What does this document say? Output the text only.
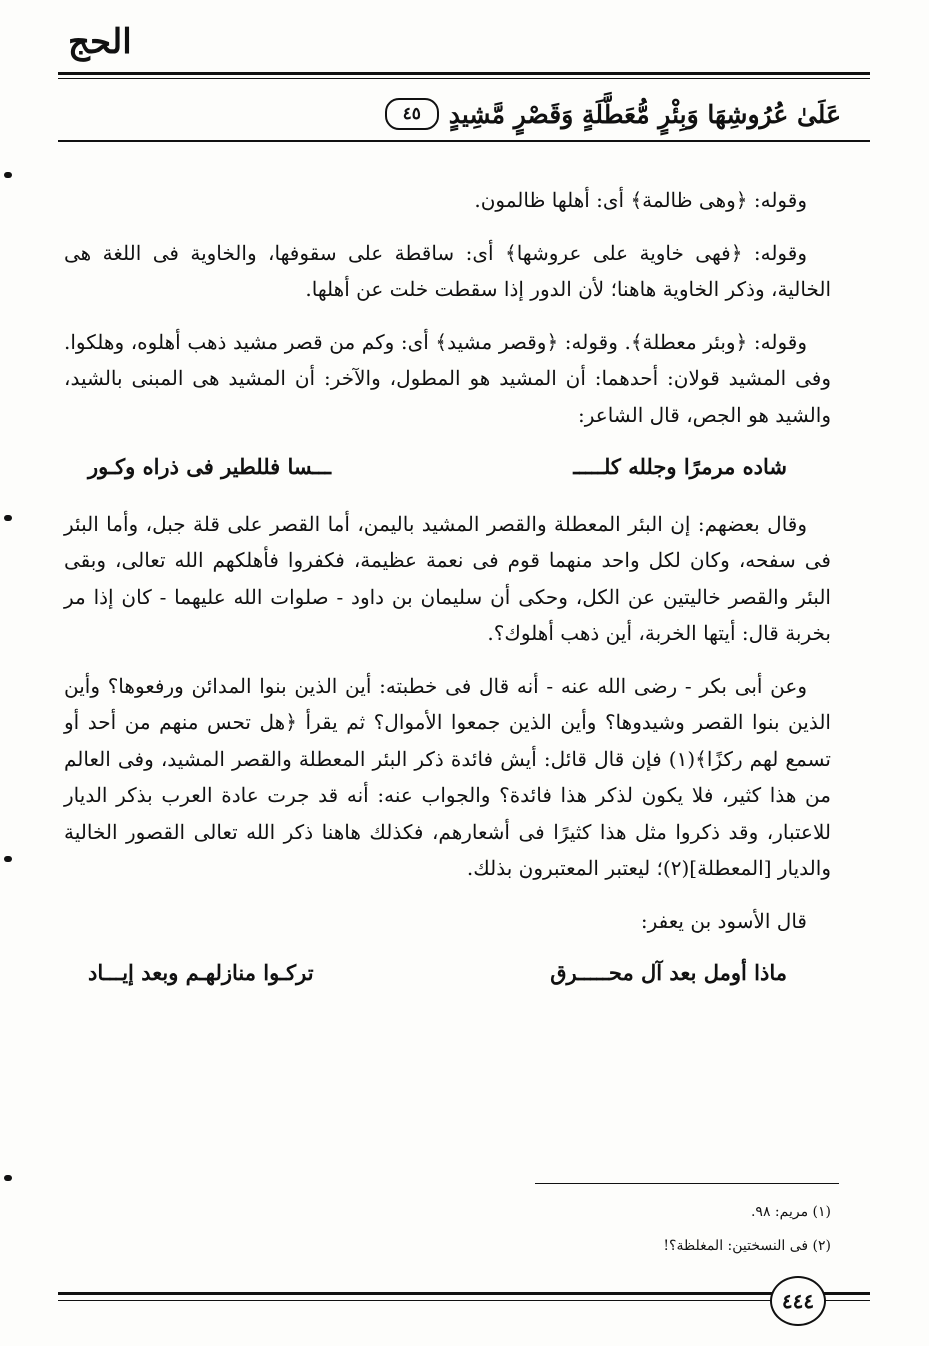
الحج
عَلَىٰ عُرُوشِهَا وَبِئْرٍ مُّعَطَّلَةٍ وَقَصْرٍ مَّشِيدٍ
٤٥

وقوله: ﴿وهى ظالمة﴾ أى: أهلها ظالمون.

وقوله: ﴿فهى خاوية على عروشها﴾ أى: ساقطة على سقوفها، والخاوية فى اللغة هى الخالية، وذكر الخاوية هاهنا؛ لأن الدور إذا سقطت خلت عن أهلها.

وقوله: ﴿وبئر معطلة﴾. وقوله: ﴿وقصر مشيد﴾ أى: وكم من قصر مشيد ذهب أهلوه، وهلكوا. وفى المشيد قولان: أحدهما: أن المشيد هو المطول، والآخر: أن المشيد هى المبنى بالشيد، والشيد هو الجص، قال الشاعر:

شاده مرمرًا وجلله كلـــــ
ـــسا فللطير فى ذراه وكـور

وقال بعضهم: إن البئر المعطلة والقصر المشيد باليمن، أما القصر على قلة جبل، وأما البئر فى سفحه، وكان لكل واحد منهما قوم فى نعمة عظيمة، فكفروا فأهلكهم الله تعالى، وبقى البئر والقصر خاليتين عن الكل، وحكى أن سليمان بن داود - صلوات الله عليهما - كان إذا مر بخربة قال: أيتها الخربة، أين ذهب أهلوك؟.

وعن أبى بكر - رضى الله عنه - أنه قال فى خطبته: أين الذين بنوا المدائن ورفعوها؟ وأين الذين بنوا القصر وشيدوها؟ وأين الذين جمعوا الأموال؟ ثم يقرأ ﴿هل تحس منهم من أحد أو تسمع لهم ركزًا﴾(١) فإن قال قائل: أيش فائدة ذكر البئر المعطلة والقصر المشيد، وفى العالم من هذا كثير، فلا يكون لذكر هذا فائدة؟ والجواب عنه: أنه قد جرت عادة العرب بذكر الديار للاعتبار، وقد ذكروا مثل هذا كثيرًا فى أشعارهم، فكذلك هاهنا ذكر الله تعالى القصور الخالية والديار [المعطلة](٢)؛ ليعتبر المعتبرون بذلك.

قال الأسود بن يعفر:

ماذا أومل بعد آل محـــــرق
تركـوا منازلهـم وبعد إيـــاد
(١) مريم: ٩٨.
(٢) فى النسختين: المغلظة؟!
٤٤٤
